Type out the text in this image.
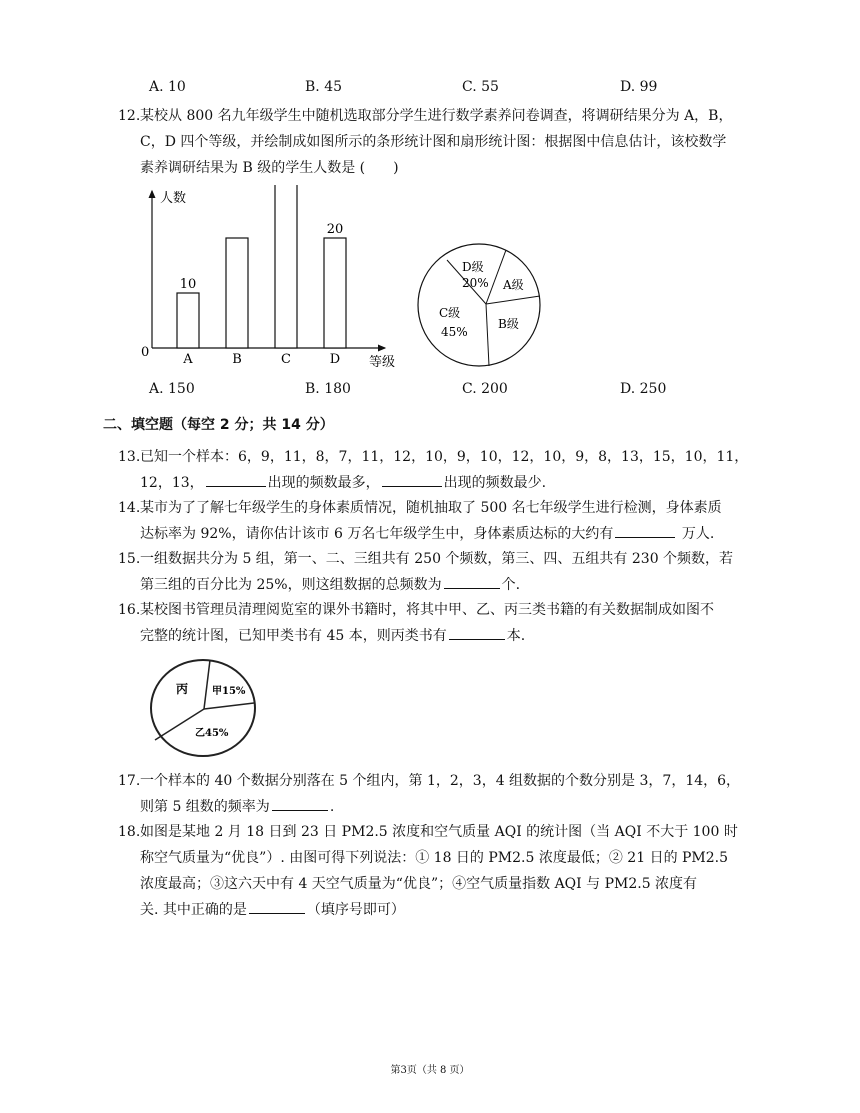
A. 10	B. 45	C. 55	D. 99
12.某校从 800 名九年级学生中随机选取部分学生进行数学素养问卷调查，将调研结果分为 A，B，
C，D 四个等级，并绘制成如图所示的条形统计图和扇形统计图：根据图中信息估计，该校数学
素养调研结果为 B 级的学生人数是 (　　)
人数
等级
0	A
10
B	C	D
20
D级
20% A级
B级
C级
45%
A. 150	B. 180	C. 200	D. 250
二、填空题（每空 2 分；共 14 分）
13.已知一个样本：6，9，11，8，7，11，12，10，9，10，12，10，9，8，13，15，10，11，
12，13，	出现的频数最多，	出现的频数最少.
14.某市为了了解七年级学生的身体素质情况，随机抽取了 500 名七年级学生进行检测，身体素质
达标率为 92%，请你估计该市 6 万名七年级学生中，身体素质达标的大约有	万人.
15.一组数据共分为 5 组，第一、二、三组共有 250 个频数，第三、四、五组共有 230 个频数，若
第三组的百分比为 25%，则这组数据的总频数为	个.
16.某校图书管理员清理阅览室的课外书籍时，将其中甲、乙、丙三类书籍的有关数据制成如图不
完整的统计图，已知甲类书有 45 本，则丙类书有	本.
丙 甲15%
乙45%
17.一个样本的 40 个数据分别落在 5 个组内，第 1，2，3，4 组数据的个数分别是 3，7，14，6，
则第 5 组数的频率为	.
18.如图是某地 2 月 18 日到 23 日 PM2.5 浓度和空气质量 AQI 的统计图（当 AQI 不大于 100 时
称空气质量为“优良”）. 由图可得下列说法：① 18 日的 PM2.5 浓度最低；② 21 日的 PM2.5
浓度最高；③这六天中有 4 天空气质量为“优良”；④空气质量指数 AQI 与 PM2.5 浓度有
关. 其中正确的是	（填序号即可）
第3页（共 8 页）
